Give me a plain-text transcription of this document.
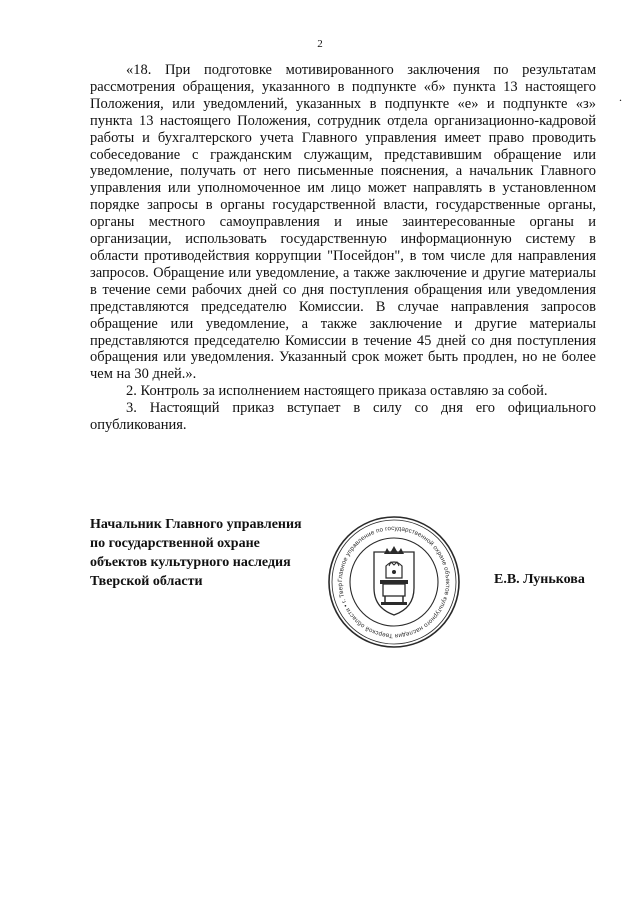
2
.

«18. При подготовке мотивированного заключения по результатам рассмотрения обращения, указанного в подпункте «б» пункта 13 настоящего Положения, или уведомлений, указанных в подпункте «е» и подпункте «з» пункта 13 настоящего Положения, сотрудник отдела организационно-кадровой работы и бухгалтерского учета Главного управления имеет право проводить собеседование с гражданским служащим, представившим обращение или уведомление, получать от него письменные пояснения, а начальник Главного управления или уполномоченное им лицо может направлять в установленном порядке запросы в органы государственной власти, государственные органы, органы местного самоуправления и иные заинтересованные органы и организации, использовать государственную информационную систему в области противодействия коррупции "Посейдон", в том числе для направления запросов. Обращение или уведомление, а также заключение и другие материалы в течение семи рабочих дней со дня поступления обращения или уведомления представляются председателю Комиссии. В случае направления запросов обращение или уведомление, а также заключение и другие материалы представляются председателю Комиссии в течение 45 дней со дня поступления обращения или уведомления. Указанный срок может быть продлен, но не более чем на 30 дней.».

2. Контроль за исполнением настоящего приказа оставляю за собой.

3. Настоящий приказ вступает в силу со дня его официального опубликования.

Начальник Главного управления
по государственной охране
объектов культурного наследия
Тверской области	Главное управление по государственной охране объектов культурного наследия Тверской области • г. Твер	Е.В. Лунькова
